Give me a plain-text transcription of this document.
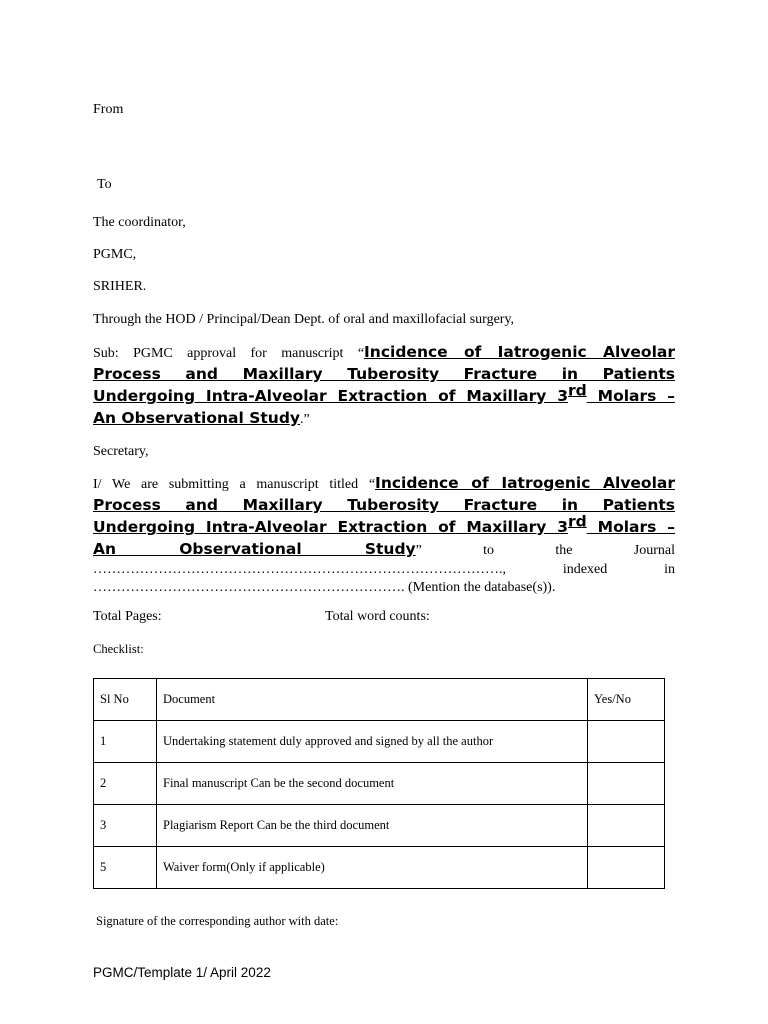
From
To
The coordinator,
PGMC,
SRIHER.
Through the HOD / Principal/Dean Dept. of oral and maxillofacial surgery,
Sub: PGMC approval for manuscript “Incidence of Iatrogenic Alveolar
Process and Maxillary Tuberosity Fracture in Patients
Undergoing Intra-Alveolar Extraction of Maxillary 3rd Molars –
An Observational Study.”
Secretary,
I/ We are submitting a manuscript titled “Incidence of Iatrogenic Alveolar
Process and Maxillary Tuberosity Fracture in Patients
Undergoing Intra-Alveolar Extraction of Maxillary 3rd Molars –
An Observational Study”	to	the	Journal
…………………………………………………………………………….,	indexed	in
…………………………………………………………. (Mention the database(s)).
Total Pages:	Total word counts:
Checklist:
Sl No	Document	Yes/No
1	Undertaking statement duly approved and signed by all the author	
2	Final manuscript Can be the second document	
3	Plagiarism Report Can be the third document	
5	Waiver form(Only if applicable)	
Signature of the corresponding author with date:
PGMC/Template 1/ April 2022
